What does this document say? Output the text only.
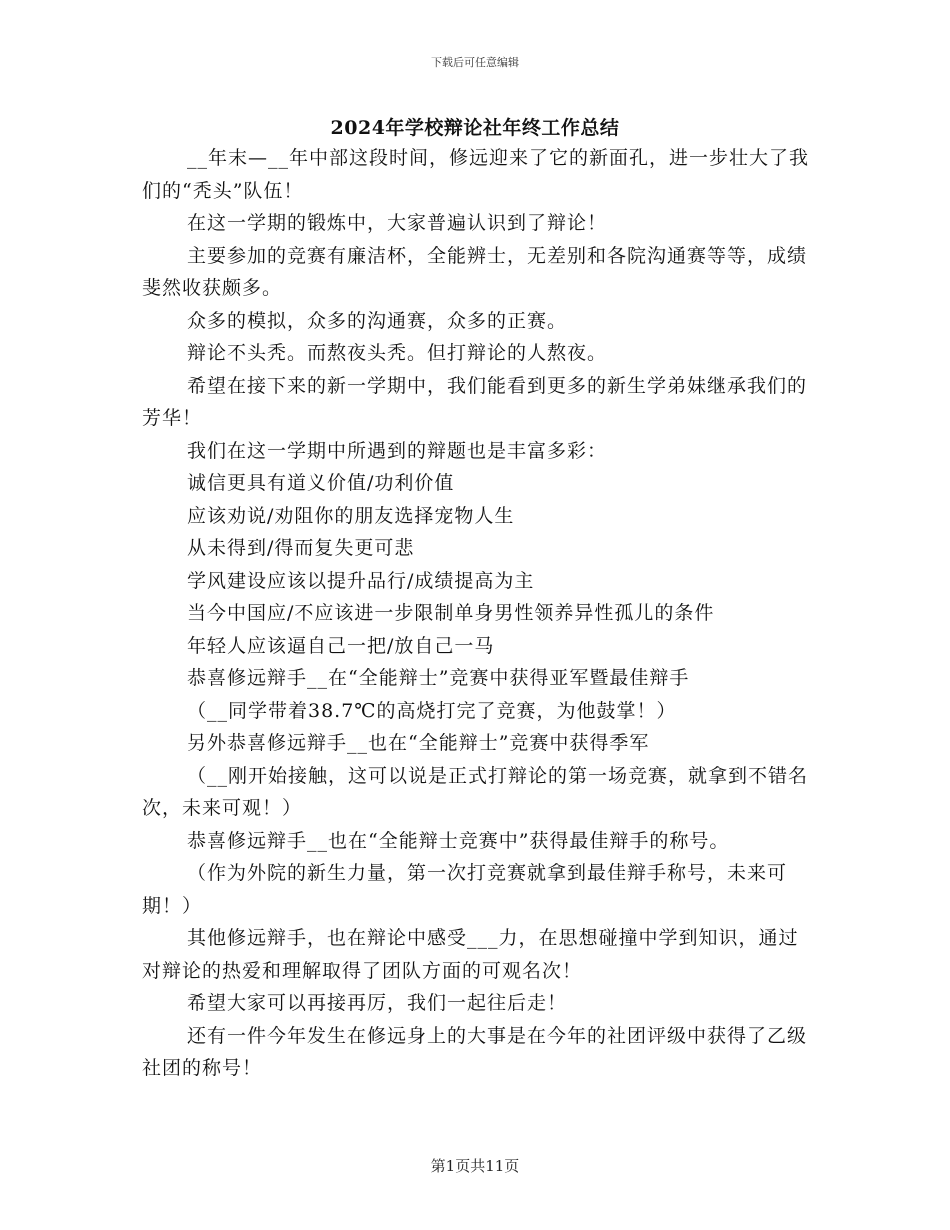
下载后可任意编辑
2024年学校辩论社年终工作总结

__年末—__年中部这段时间，修远迎来了它的新面孔，进一步壮大了我们的“秃头”队伍！

在这一学期的锻炼中，大家普遍认识到了辩论！

主要参加的竞赛有廉洁杯，全能辨士，无差别和各院沟通赛等等，成绩斐然收获颇多。

众多的模拟，众多的沟通赛，众多的正赛。

辩论不头秃。而熬夜头秃。但打辩论的人熬夜。

希望在接下来的新一学期中，我们能看到更多的新生学弟妹继承我们的芳华！

我们在这一学期中所遇到的辩题也是丰富多彩：

诚信更具有道义价值/功利价值

应该劝说/劝阻你的朋友选择宠物人生

从未得到/得而复失更可悲

学风建设应该以提升品行/成绩提高为主

当今中国应/不应该进一步限制单身男性领养异性孤儿的条件

年轻人应该逼自己一把/放自己一马

恭喜修远辩手__在“全能辩士”竞赛中获得亚军暨最佳辩手

（__同学带着38.7℃的高烧打完了竞赛，为他鼓掌！）

另外恭喜修远辩手__也在“全能辩士”竞赛中获得季军

（__刚开始接触，这可以说是正式打辩论的第一场竞赛，就拿到不错名次，未来可观！）

恭喜修远辩手__也在“全能辩士竞赛中”获得最佳辩手的称号。

（作为外院的新生力量，第一次打竞赛就拿到最佳辩手称号，未来可期！）

其他修远辩手，也在辩论中感受___力，在思想碰撞中学到知识，通过对辩论的热爱和理解取得了团队方面的可观名次！

希望大家可以再接再厉，我们一起往后走！

还有一件今年发生在修远身上的大事是在今年的社团评级中获得了乙级社团的称号！

第1页共11页
